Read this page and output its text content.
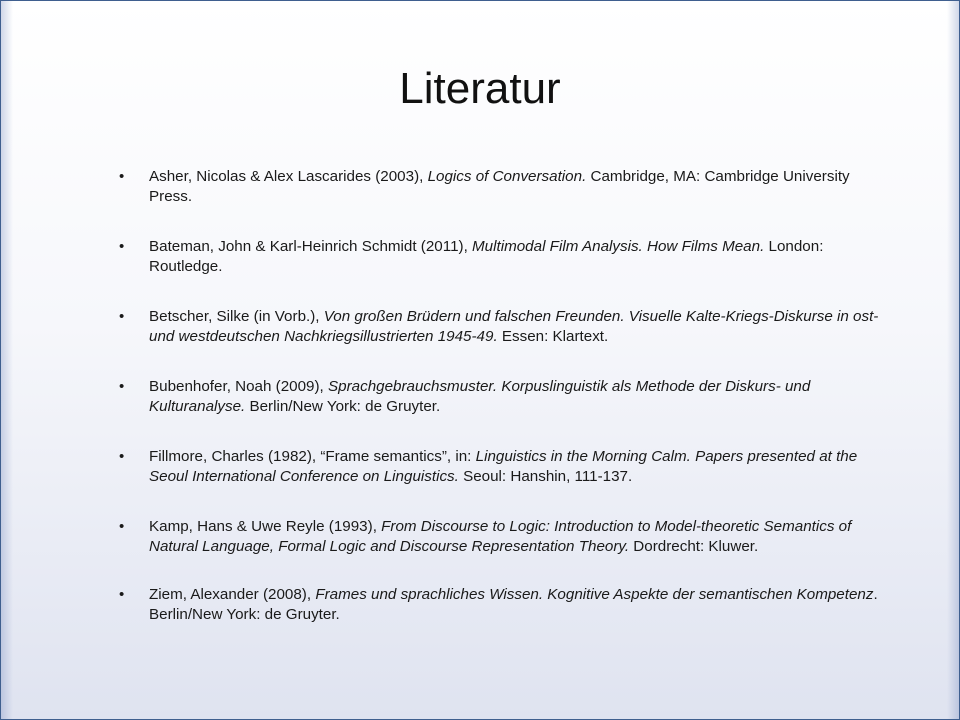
Literatur
• Asher, Nicolas & Alex Lascarides (2003), Logics of Conversation. Cambridge, MA: Cambridge University Press.
• Bateman, John & Karl-Heinrich Schmidt (2011), Multimodal Film Analysis. How Films Mean. London: Routledge.
• Betscher, Silke (in Vorb.), Von großen Brüdern und falschen Freunden. Visuelle Kalte-Kriegs-Diskurse in ost- und westdeutschen Nachkriegsillustrierten 1945-49. Essen: Klartext.
• Bubenhofer, Noah (2009), Sprachgebrauchsmuster. Korpuslinguistik als Methode der Diskurs- und Kulturanalyse. Berlin/New York: de Gruyter.
• Fillmore, Charles (1982), “Frame semantics”, in: Linguistics in the Morning Calm. Papers presented at the Seoul International Conference on Linguistics. Seoul: Hanshin, 111-137.
• Kamp, Hans & Uwe Reyle (1993), From Discourse to Logic: Introduction to Model-theoretic Semantics of Natural Language, Formal Logic and Discourse Representation Theory. Dordrecht: Kluwer.
• Ziem, Alexander (2008), Frames und sprachliches Wissen. Kognitive Aspekte der semantischen Kompetenz. Berlin/New York: de Gruyter.
